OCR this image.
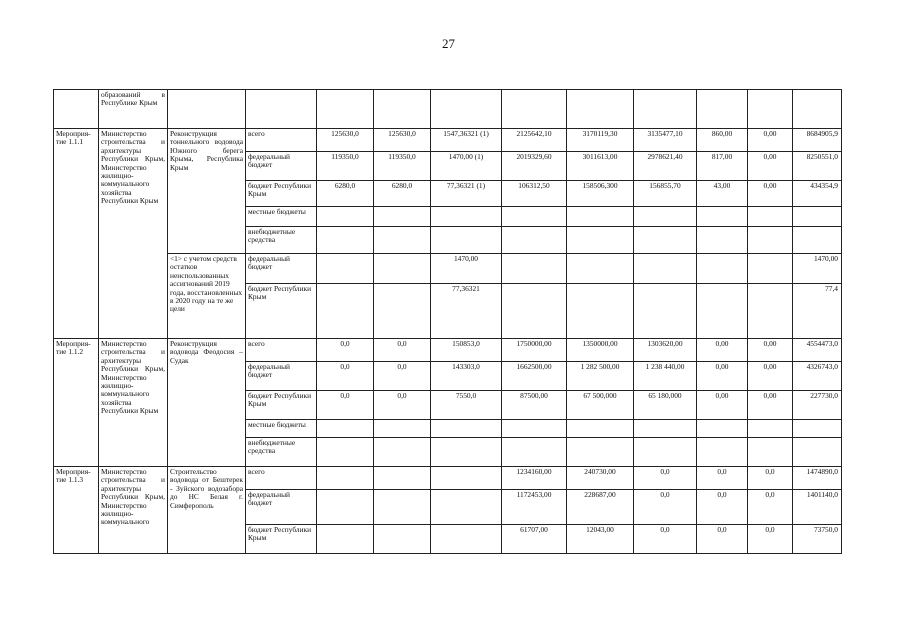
27
	образований в Республике Крым											
Мероприя-тие 1.1.1	Министерство строительства и архитектуры Республики Крым, Министерство жилищно-коммунального хозяйства Республики Крым	Реконструкция тоннельного водовода Южного берега Крыма, Республика Крым	всего	125630,0	125630,0	1547,36321 (1)	2125642,10	3170119,30	3135477,10	860,00	0,00	8684905,9
			федеральный бюджет	119350,0	119350,0	1470,00 (1)	2019329,60	3011613,00	2978621,40	817,00	0,00	8250551,0
			бюджет Республики Крым	6280,0	6280,0	77,36321 (1)	106312,50	158506,300	156855,70	43,00	0,00	434354,9
			местные бюджеты									
			внебюджетные средства									
		<1> с учетом средств остатков неиспользованных ассигнований 2019 года, восстановленных в 2020 году на те же цели	федеральный бюджет			1470,00						1470,00
			бюджет Республики Крым			77,36321						77,4
Мероприя-тие 1.1.2	Министерство строительства и архитектуры Республики Крым, Министерство жилищно-коммунального хозяйства Республики Крым	Реконструкция водовода Феодосия – Судак	всего	0,0	0,0	150853,0	1750000,00	1350000,00	1303620,00	0,00	0,00	4554473,0
			федеральный бюджет	0,0	0,0	143303,0	1662500,00	1 282 500,00	1 238 440,00	0,00	0,00	4326743,0
			бюджет Республики Крым	0,0	0,0	7550,0	87500,00	67 500,000	65 180,000	0,00	0,00	227730,0
			местные бюджеты									
			внебюджетные средства									
Мероприя-тие 1.1.3	Министерство строительства и архитектуры Республики Крым, Министерство жилищно-коммунального	Строительство водовода от Бештерек - Зуйского водозабора до НС Белая г. Симферополь	всего				1234160,00	240730,00	0,0	0,0	0,0	1474890,0
			федеральный бюджет				1172453,00	228687,00	0,0	0,0	0,0	1401140,0
			бюджет Республики Крым				61707,00	12043,00	0,0	0,0	0,0	73750,0
